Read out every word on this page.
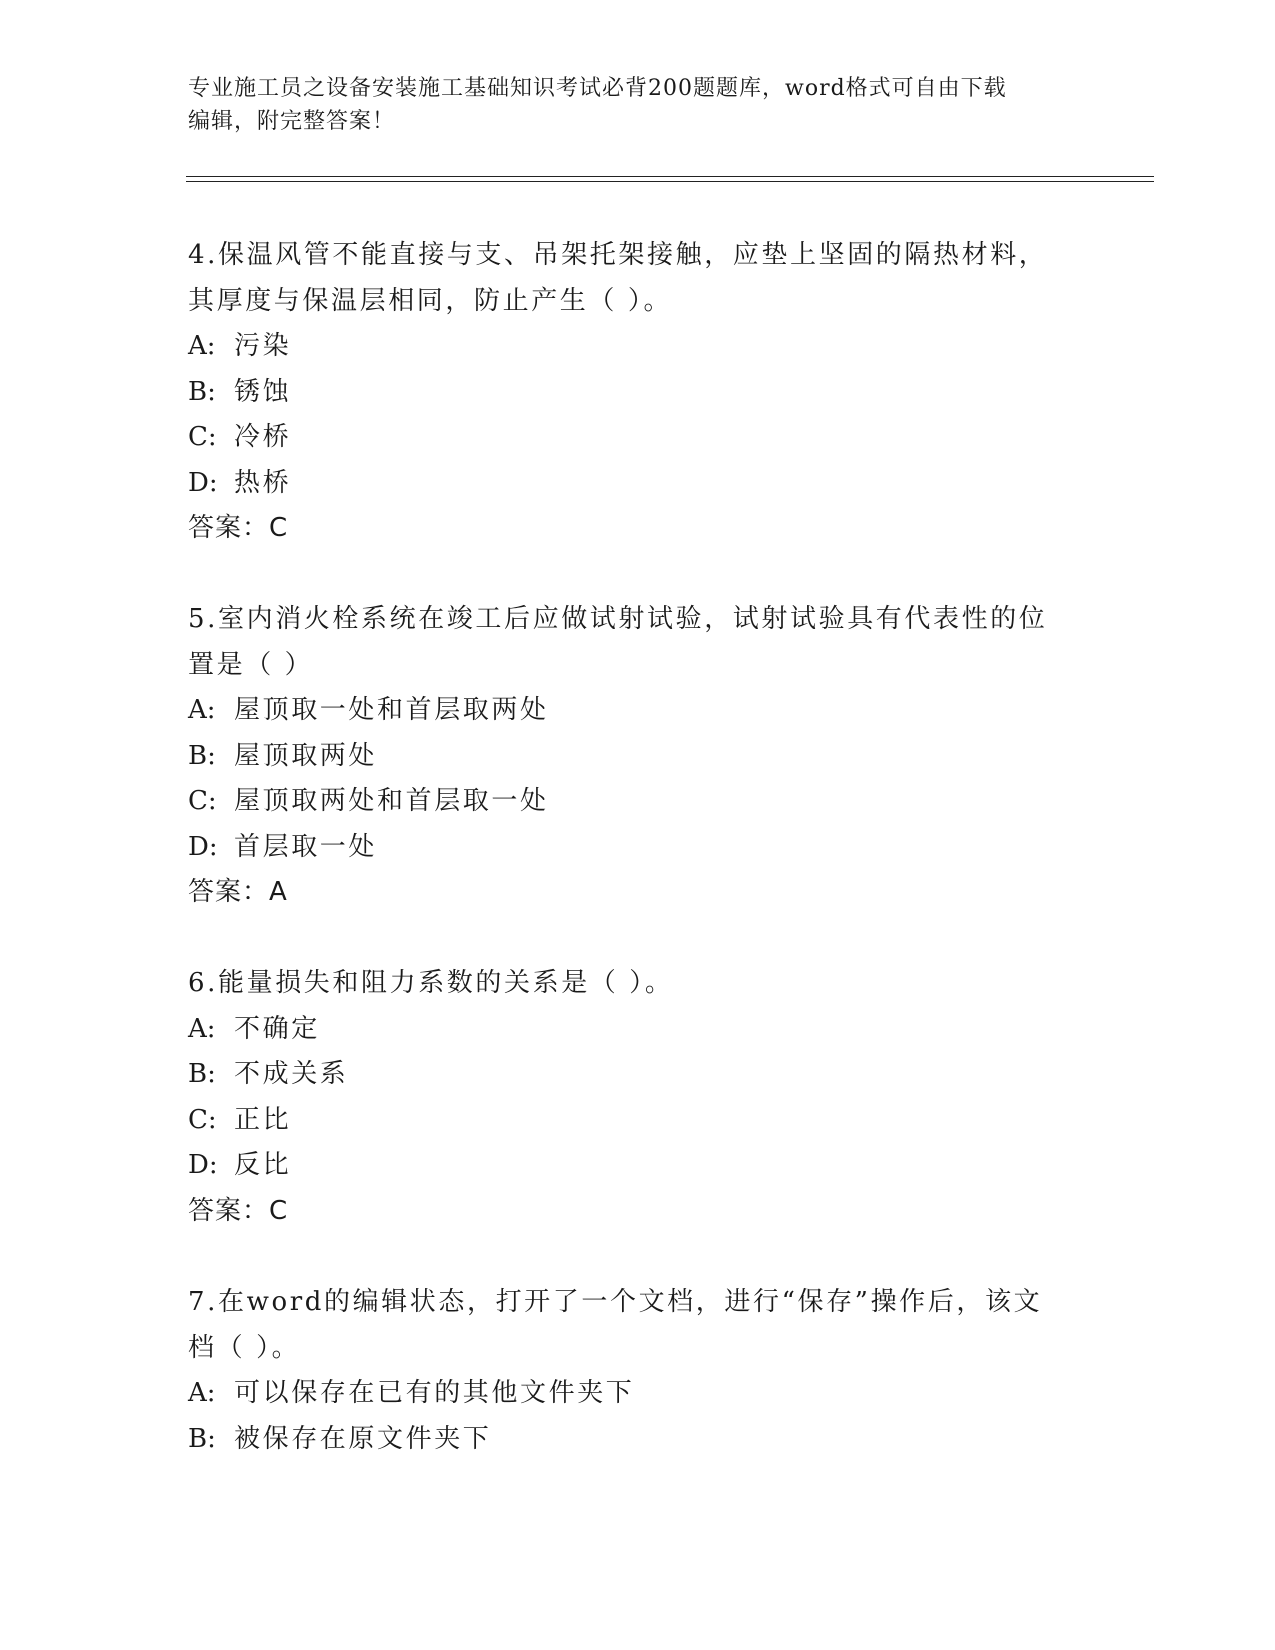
专业施工员之设备安装施工基础知识考试必背200题题库，word格式可自由下载
编辑，附完整答案！
4.保温风管不能直接与支、吊架托架接触，应垫上坚固的隔热材料，
其厚度与保温层相同，防止产生（ ）。
A: 污染
B: 锈蚀
C: 冷桥
D: 热桥
答案：C
5.室内消火栓系统在竣工后应做试射试验，试射试验具有代表性的位
置是（ ）
A: 屋顶取一处和首层取两处
B: 屋顶取两处
C: 屋顶取两处和首层取一处
D: 首层取一处
答案：A
6.能量损失和阻力系数的关系是（ ）。
A: 不确定
B: 不成关系
C: 正比
D: 反比
答案：C
7.在word的编辑状态，打开了一个文档，进行“保存”操作后，该文
档（ ）。
A: 可以保存在已有的其他文件夹下
B: 被保存在原文件夹下
